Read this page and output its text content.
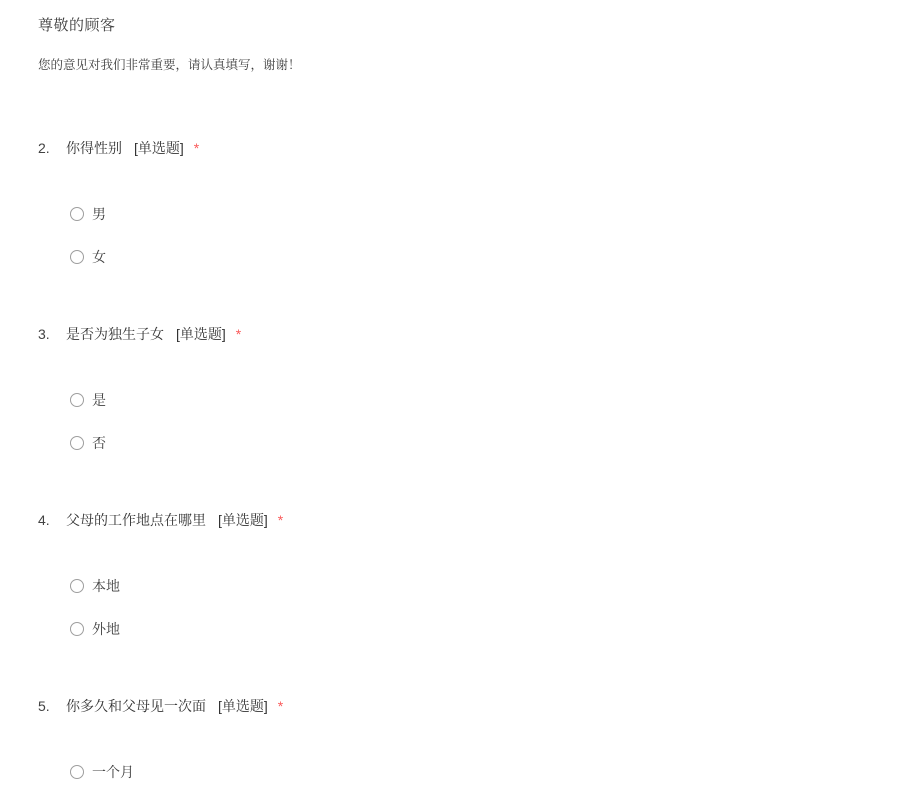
尊敬的顾客
您的意见对我们非常重要，请认真填写，谢谢！
2. 你得性别 [单选题] *
男
女
3. 是否为独生子女 [单选题] *
是
否
4. 父母的工作地点在哪里 [单选题] *
本地
外地
5. 你多久和父母见一次面 [单选题] *
一个月
